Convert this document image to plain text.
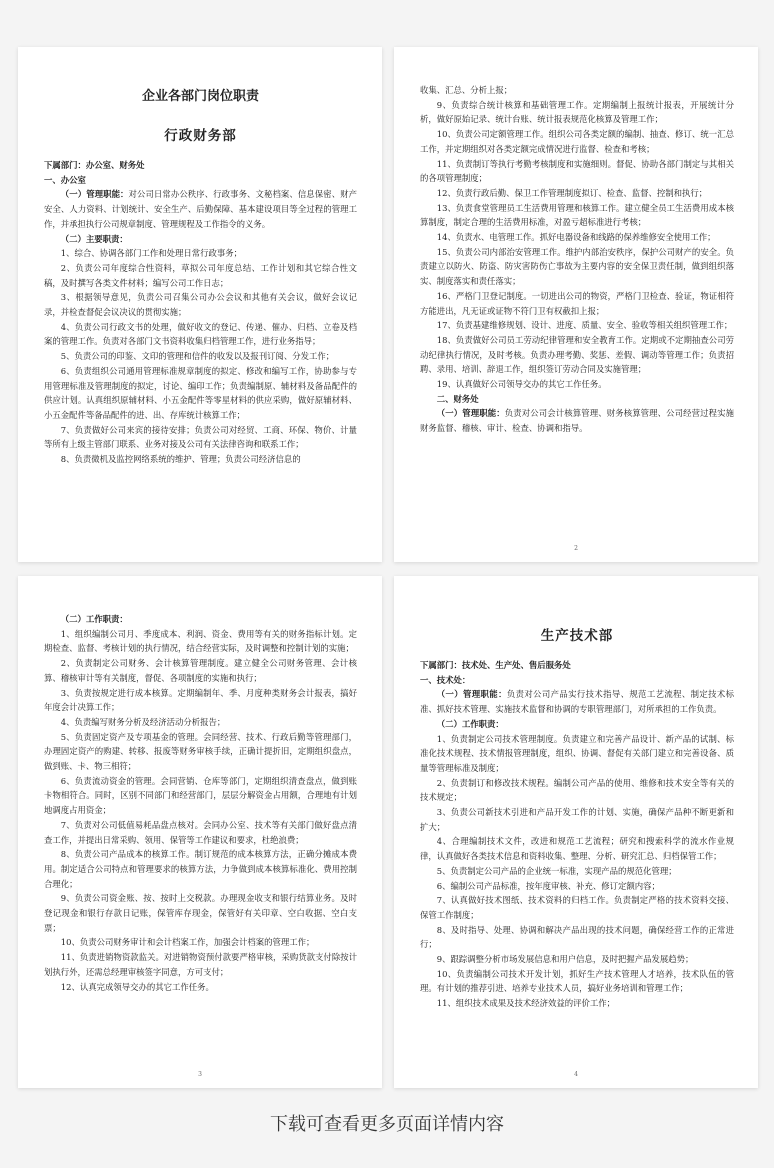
企业各部门岗位职责
行政财务部

下属部门：办公室、财务处

一、办公室

（一）管理职能：对公司日常办公秩序、行政事务、文秘档案、信息保密、财产安全、人力资料、计划统计、安全生产、后勤保障、基本建设项目等全过程的管理工作，并承担执行公司规章制度、管理规程及工作指令的义务。

（二）主要职责：

1、综合、协调各部门工作和处理日常行政事务；

2、负责公司年度综合性资料，草拟公司年度总结、工作计划和其它综合性文稿，及时撰写各类文件材料；编写公司工作日志；

3、根据领导意见，负责公司召集公司办公会议和其他有关会议，做好会议记录，并检查督促会议决议的贯彻实施；

4、负责公司行政文书的处理，做好收文的登记、传递、催办、归档、立卷及档案的管理工作。负责对各部门文书资料收集归档管理工作，进行业务指导；

5、负责公司的印鉴、文印的管理和信件的收发以及报刊订阅、分发工作；

6、负责组织公司通用管理标准规章制度的拟定、修改和编写工作，协助参与专用管理标准及管理制度的拟定，讨论、编印工作；负责编制原、辅材料及备品配件的供应计划。认真组织原辅材料、小五金配件等零星材料的供应采购，做好原辅材料、小五金配件等备品配件的进、出、存库统计核算工作；

7、负责做好公司来宾的接待安排；负责公司对经贸、工商、环保、物价、计量等所有上级主管部门联系、业务对接及公司有关法律咨询和联系工作；

8、负责微机及监控网络系统的维护、管理；负责公司经济信息的

收集、汇总、分析上报；

9、负责综合统计核算和基础管理工作。定期编制上报统计报表，开展统计分析，做好原始记录、统计台账、统计报表规范化核算及管理工作；

10、负责公司定额管理工作。组织公司各类定额的编制、抽查、修订、统一汇总工作，并定期组织对各类定额完成情况进行监督、检查和考核；

11、负责制订等执行考勤考核制度和实施细则。督促、协助各部门制定与其相关的各项管理制度；

12、负责行政后勤、保卫工作管理制度拟订、检查、监督、控制和执行；

13、负责食堂管理员工生活费用管理和核算工作。建立健全员工生活费用成本核算制度，制定合理的生活费用标准，对盈亏超标准进行考核；

14、负责水、电管理工作。抓好电器设备和线路的保养维修安全使用工作；

15、负责公司内部治安管理工作。维护内部治安秩序，保护公司财产的安全。负责建立以防火、防盗、防灾害防伤亡事故为主要内容的安全保卫责任制，做到组织落实、制度落实和责任落实；

16、严格门卫登记制度。一切进出公司的物资，严格门卫检查、验证，物证相符方能进出，凡无证或证物不符门卫有权截扣上报；

17、负责基建维修规划、设计、进度、质量、安全、验收等相关组织管理工作；

18、负责做好公司员工劳动纪律管理和安全教育工作。定期或不定期抽查公司劳动纪律执行情况，及时考核。负责办理考勤、奖惩、差假、调动等管理工作；负责招聘、录用、培训、辞退工作，组织签订劳动合同及实施管理；

19、认真做好公司领导交办的其它工作任务。

二、财务处

（一）管理职能：负责对公司会计核算管理、财务核算管理、公司经营过程实施财务监督、稽核、审计、检查、协调和指导。

2

（二）工作职责：

1、组织编制公司月、季度成本、利润、资金、费用等有关的财务指标计划。定期检查、监督、考核计划的执行情况，结合经营实际，及时调整和控制计划的实施；

2、负责制定公司财务、会计核算管理制度。建立健全公司财务管理、会计核算、稽核审计等有关制度，督促、各项制度的实施和执行；

3、负责按规定进行成本核算。定期编制年、季、月度种类财务会计报表，搞好年度会计决算工作；

4、负责编写财务分析及经济活动分析报告；

5、负责固定资产及专项基金的管理。会同经营、技术、行政后勤等管理部门，办理固定资产的购建、转移、报废等财务审核手续，正确计提折旧，定期组织盘点，做到账、卡、物三相符；

6、负责流动资金的管理。会同营销、仓库等部门，定期组织清查盘点，做到账卡物相符合。同时，区别不同部门和经营部门，层层分解资金占用额，合理地有计划地调度占用资金；

7、负责对公司低值易耗品盘点核对。会同办公室、技术等有关部门做好盘点清查工作，并提出日常采购、领用、保管等工作建议和要求，杜绝浪费；

8、负责公司产品成本的核算工作。制订规范的成本核算方法，正确分摊成本费用。制定适合公司特点和管理要求的核算方法，力争做到成本核算标准化、费用控制合理化；

9、负责公司资金账、按、按时上交税款。办理现金收支和银行结算业务。及时登记现金和银行存款日记账，保管库存现金，保管好有关印章、空白收据、空白支票；

10、负责公司财务审计和会计档案工作，加强会计档案的管理工作；

11、负责进销物资款监关。对进销物资预付款要严格审核，采购货款支付除按计划执行外，还需总经理审核签字同意，方可支付；

12、认真完成领导交办的其它工作任务。

3
生产技术部

下属部门：技术处、生产处、售后服务处

一、技术处：

（一）管理职能：负责对公司产品实行技术指导、规范工艺流程、制定技术标准、抓好技术管理、实施技术监督和协调的专职管理部门，对所承担的工作负责。

（二）工作职责：

1、负责制定公司技术管理制度。负责建立和完善产品设计、新产品的试制、标准化技术规程、技术情报管理制度，组织、协调、督促有关部门建立和完善设备、质量等管理标准及制度；

2、负责制订和修改技术规程。编制公司产品的使用、维修和技术安全等有关的技术规定；

3、负责公司新技术引进和产品开发工作的计划、实施，确保产品种不断更新和扩大；

4、合理编制技术文件，改进和规范工艺流程；研究和搜索科学的流水作业规律，认真做好各类技术信息和资料收集、整理、分析、研究汇总、归档保管工作；

5、负责制定公司产品的企业统一标准，实现产品的规范化管理；

6、编制公司产品标准，按年度审核、补充、修订定额内容；

7、认真做好技术图纸、技术资料的归档工作。负责制定严格的技术资料交接、保管工作制度；

8、及时指导、处理、协调和解决产品出现的技术问题，确保经营工作的正常进行；

9、跟踪调整分析市场发展信息和用户信息，及时把握产品发展趋势；

10、负责编制公司技术开发计划，抓好生产技术管理人才培养，技术队伍的管理。有计划的推荐引进、培养专业技术人员，搞好业务培训和管理工作；

11、组织技术成果及技术经济效益的评价工作；

4
下载可查看更多页面详情内容
